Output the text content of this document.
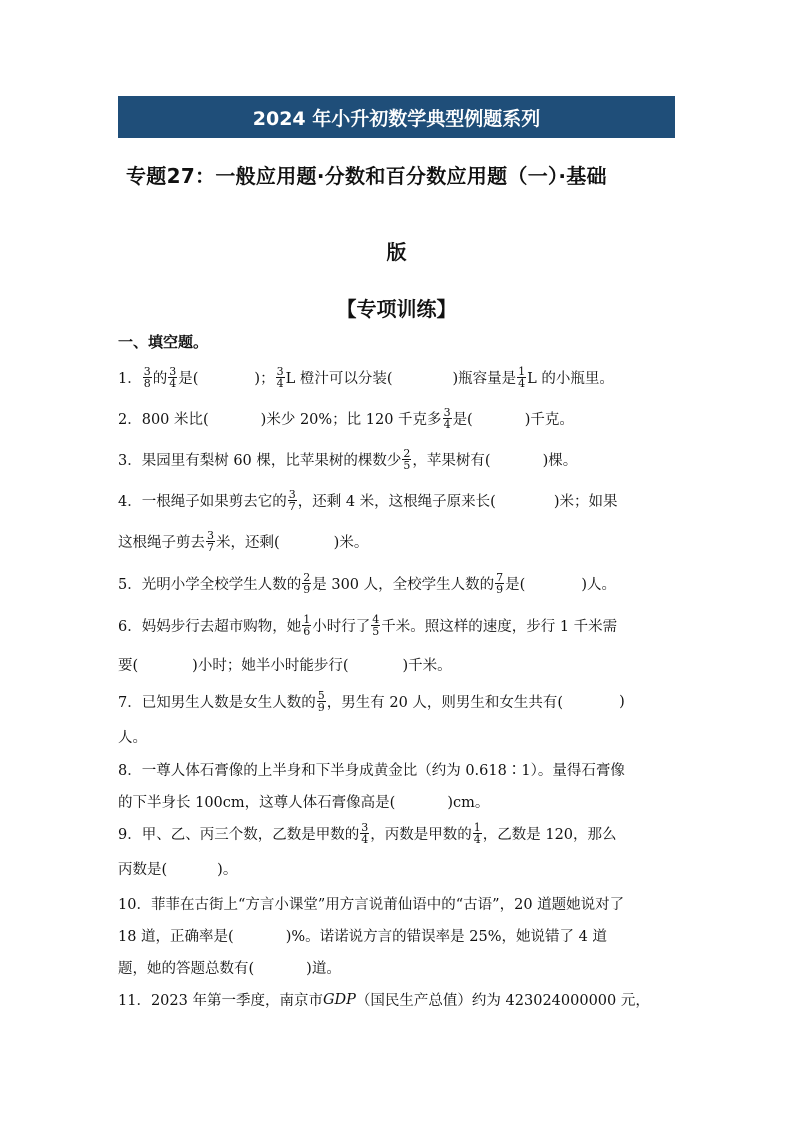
2024 年小升初数学典型例题系列
专题27：一般应用题·分数和百分数应用题（一）·基础
版
【专项训练】
一、填空题。
1． $\frac{3}{8}$ 的 $\frac{3}{4}$ 是(	)； $\frac{3}{4}$ L 橙汁可以分装(	)瓶容量是 $\frac{1}{4}$ L 的小瓶里。
2．800 米比(	)米少 20%；比 120 千克多 $\frac{3}{4}$ 是(	)千克。
3．果园里有梨树 60 棵，比苹果树的棵数少 $\frac{2}{5}$ ，苹果树有(	)棵。
4．一根绳子如果剪去它的 $\frac{3}{7}$ ，还剩 4 米，这根绳子原来长(	)米；如果
这根绳子剪去 $\frac{3}{7}$ 米，还剩(	)米。
5．光明小学全校学生人数的 $\frac{2}{9}$ 是 300 人，全校学生人数的 $\frac{7}{9}$ 是(	)人。
6．妈妈步行去超市购物，她 $\frac{1}{6}$ 小时行了 $\frac{4}{5}$ 千米。照这样的速度，步行 1 千米需
要(	)小时；她半小时能步行(	)千米。
7．已知男生人数是女生人数的 $\frac{5}{9}$ ，男生有 20 人，则男生和女生共有(	)
人。
8．一尊人体石膏像的上半身和下半身成黄金比（约为 0.618∶1）。量得石膏像
的下半身长 100cm，这尊人体石膏像高是(	)cm。
9．甲、乙、丙三个数，乙数是甲数的 $\frac{3}{4}$ ，丙数是甲数的 $\frac{1}{4}$ ，乙数是 120，那么
丙数是(	)。
10．菲菲在古街上“方言小课堂”用方言说莆仙语中的“古语”，20 道题她说对了
18 道，正确率是(	)%。诺诺说方言的错误率是 25%，她说错了 4 道
题，她的答题总数有(	)道。
11．2023 年第一季度，南京市 GDP （国民生产总值）约为 423024000000 元，
